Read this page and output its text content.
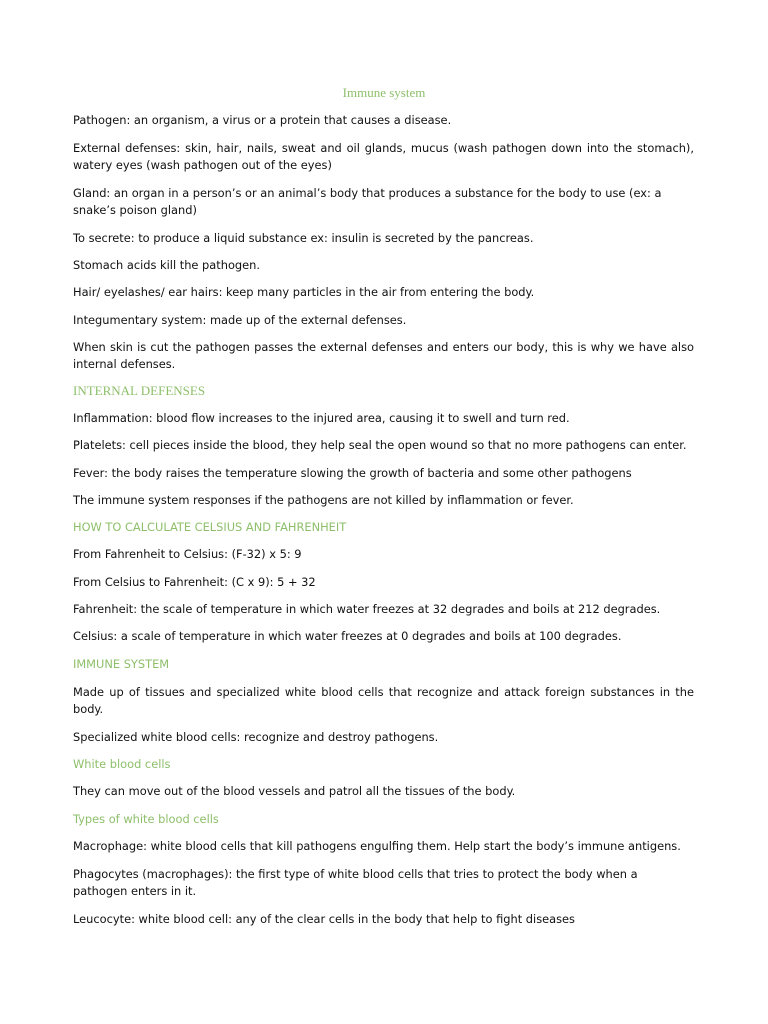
Immune system
Pathogen: an organism, a virus or a protein that causes a disease.
External defenses: skin, hair, nails, sweat and oil glands, mucus (wash pathogen down into the stomach),
watery eyes (wash pathogen out of the eyes)
Gland: an organ in a person’s or an animal’s body that produces a substance for the body to use (ex: a
snake’s poison gland)
To secrete: to produce a liquid substance ex: insulin is secreted by the pancreas.
Stomach acids kill the pathogen.
Hair/ eyelashes/ ear hairs: keep many particles in the air from entering the body.
Integumentary system: made up of the external defenses.
When skin is cut the pathogen passes the external defenses and enters our body, this is why we have also
internal defenses.
INTERNAL DEFENSES
Inflammation: blood flow increases to the injured area, causing it to swell and turn red.
Platelets: cell pieces inside the blood, they help seal the open wound so that no more pathogens can enter.
Fever: the body raises the temperature slowing the growth of bacteria and some other pathogens
The immune system responses if the pathogens are not killed by inflammation or fever.
HOW TO CALCULATE CELSIUS AND FAHRENHEIT
From Fahrenheit to Celsius: (F-32) x 5: 9
From Celsius to Fahrenheit: (C x 9): 5 + 32
Fahrenheit: the scale of temperature in which water freezes at 32 degrades and boils at 212 degrades.
Celsius: a scale of temperature in which water freezes at 0 degrades and boils at 100 degrades.
IMMUNE SYSTEM
Made up of tissues and specialized white blood cells that recognize and attack foreign substances in the
body.
Specialized white blood cells: recognize and destroy pathogens.
White blood cells
They can move out of the blood vessels and patrol all the tissues of the body.
Types of white blood cells
Macrophage: white blood cells that kill pathogens engulfing them. Help start the body’s immune antigens.
Phagocytes (macrophages): the first type of white blood cells that tries to protect the body when a
pathogen enters in it.
Leucocyte: white blood cell: any of the clear cells in the body that help to fight diseases
